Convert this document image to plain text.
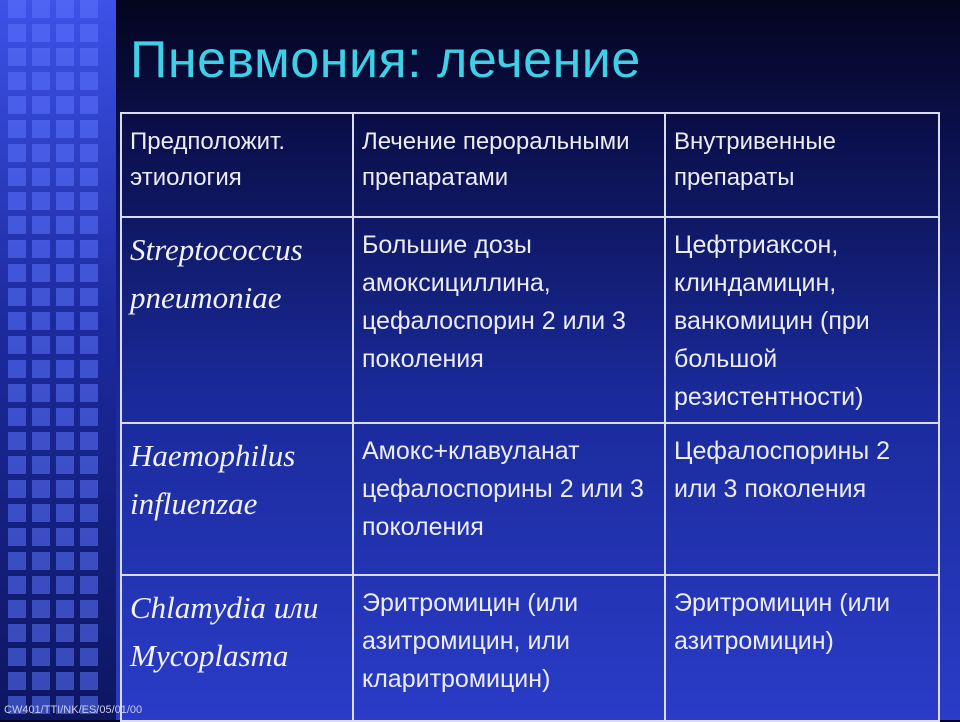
Пневмония: лечение
Предположит. этиология	Лечение пероральными препаратами	Внутривенные препараты
Streptococcus pneumoniae	Большие дозы амоксициллина, цефалоспорин 2 или 3 поколения	Цефтриаксон, клиндамицин, ванкомицин (при большой резистентности)
Haemophilus influenzae	Амокс+клавуланат цефалоспорины 2 или 3 поколения	Цефалоспорины 2 или 3 поколения
Chlamydia или Mycoplasma	Эритромицин (или азитромицин, или кларитромицин)	Эритромицин (или азитромицин)
CW401/TTI/NK/ES/05/01/00
